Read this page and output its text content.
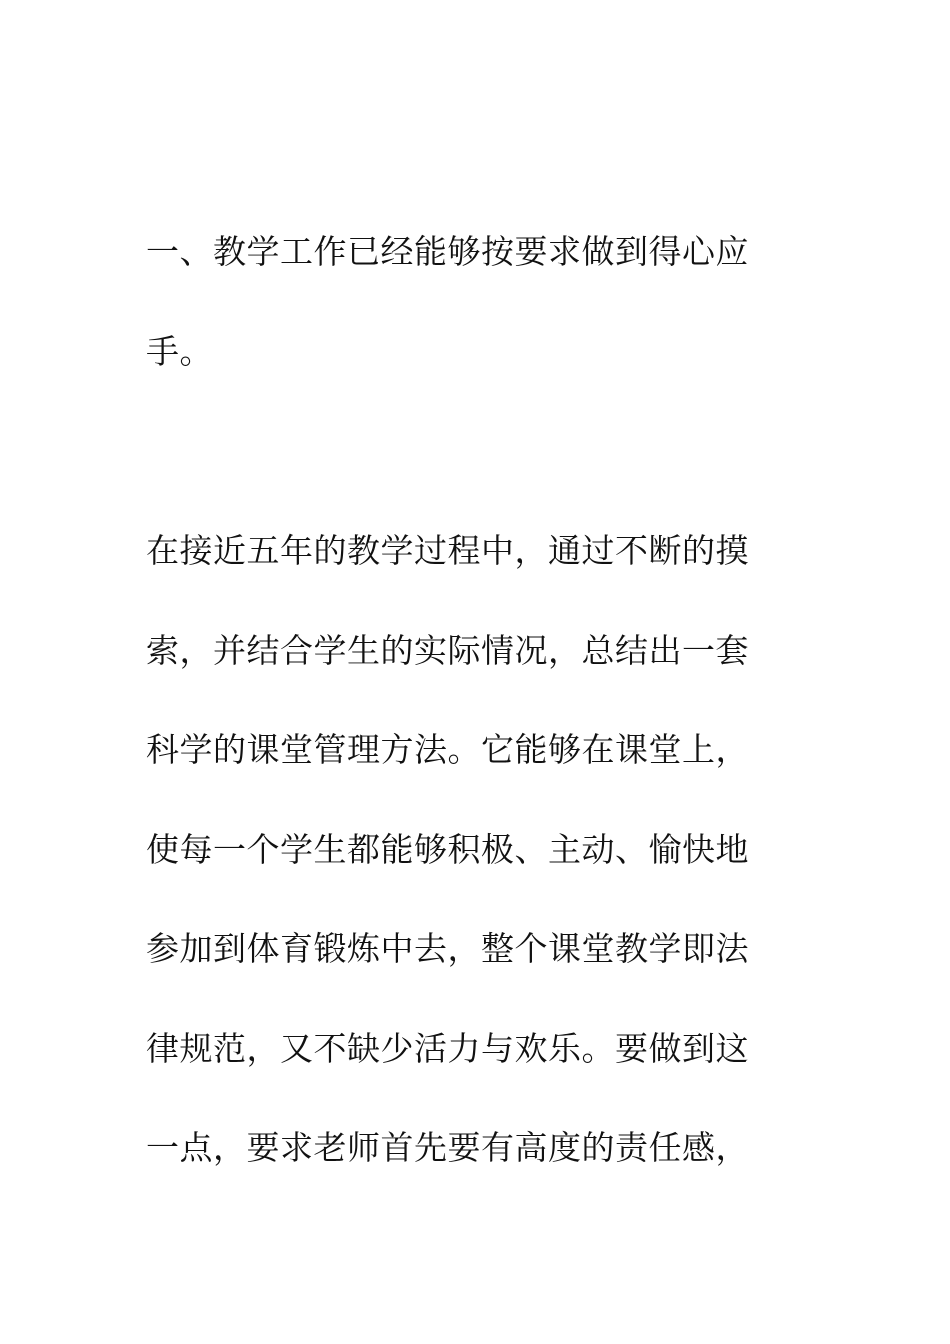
一、教学工作已经能够按要求做到得心应
手。
在接近五年的教学过程中，通过不断的摸
索，并结合学生的实际情况，总结出一套
科学的课堂管理方法。它能够在课堂上，
使每一个学生都能够积极、主动、愉快地
参加到体育锻炼中去，整个课堂教学即法
律规范，又不缺少活力与欢乐。要做到这
一点，要求老师首先要有高度的责任感，
